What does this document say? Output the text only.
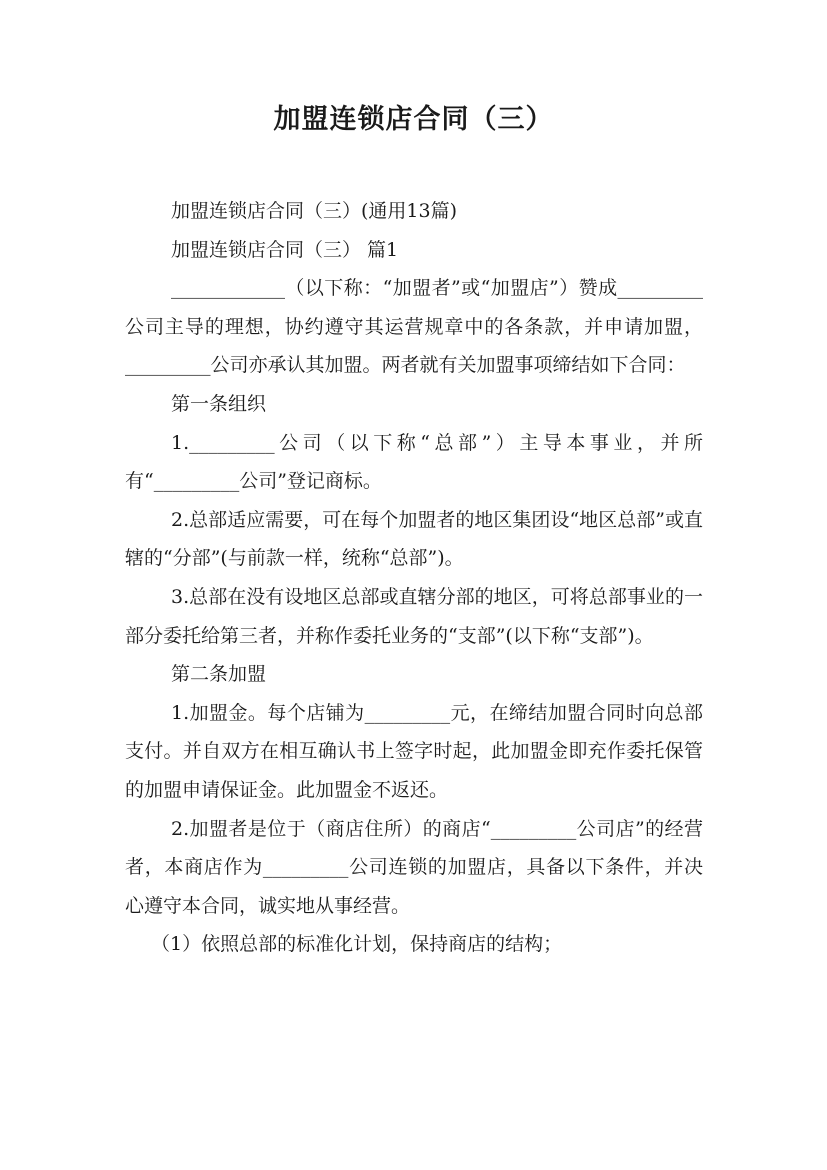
加盟连锁店合同（三）

加盟连锁店合同（三）(通用13篇)

加盟连锁店合同（三） 篇1

____________（以下称：“加盟者”或“加盟店”）赞成_________公司主导的理想，协约遵守其运营规章中的各条款，并申请加盟，_________公司亦承认其加盟。两者就有关加盟事项缔结如下合同：

第一条组织

1._________公司（以下称“总部”）主导本事业，并所有“_________公司”登记商标。

2.总部适应需要，可在每个加盟者的地区集团设“地区总部”或直辖的“分部”(与前款一样，统称“总部”)。

3.总部在没有设地区总部或直辖分部的地区，可将总部事业的一部分委托给第三者，并称作委托业务的“支部”(以下称“支部”)。

第二条加盟

1.加盟金。每个店铺为_________元，在缔结加盟合同时向总部支付。并自双方在相互确认书上签字时起，此加盟金即充作委托保管的加盟申请保证金。此加盟金不返还。

2.加盟者是位于（商店住所）的商店“_________公司店”的经营者，本商店作为_________公司连锁的加盟店，具备以下条件，并决心遵守本合同，诚实地从事经营。

（1）依照总部的标准化计划，保持商店的结构；
